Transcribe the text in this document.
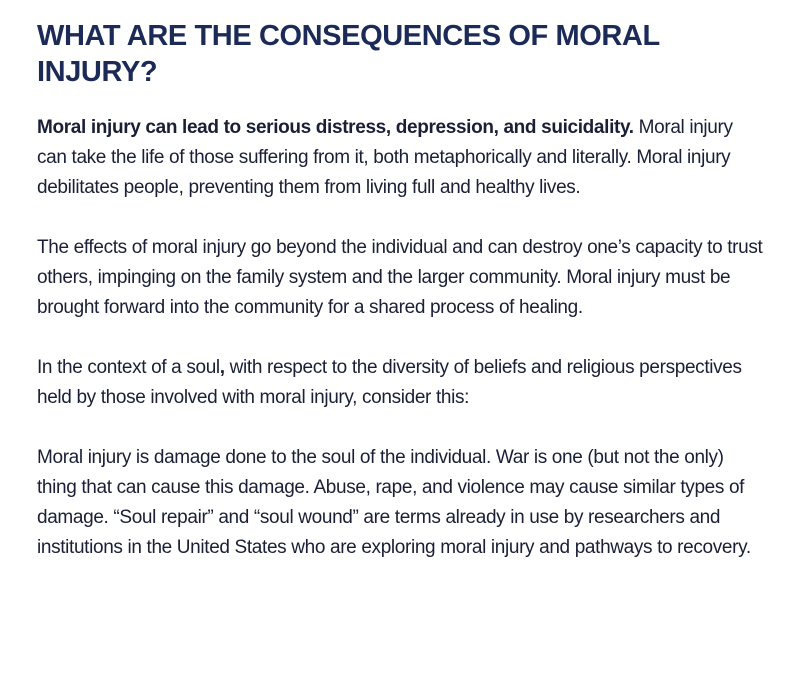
WHAT ARE THE CONSEQUENCES OF MORAL INJURY?

Moral injury can lead to serious distress, depression, and suicidality. Moral injury can take the life of those suffering from it, both metaphorically and literally. Moral injury debilitates people, preventing them from living full and healthy lives.

The effects of moral injury go beyond the individual and can destroy one’s capacity to trust others, impinging on the family system and the larger community. Moral injury must be brought forward into the community for a shared process of healing.

In the context of a soul, with respect to the diversity of beliefs and religious perspectives held by those involved with moral injury, consider this:

Moral injury is damage done to the soul of the individual. War is one (but not the only) thing that can cause this damage. Abuse, rape, and violence may cause similar types of damage. “Soul repair” and “soul wound” are terms already in use by researchers and institutions in the United States who are exploring moral injury and pathways to recovery.
